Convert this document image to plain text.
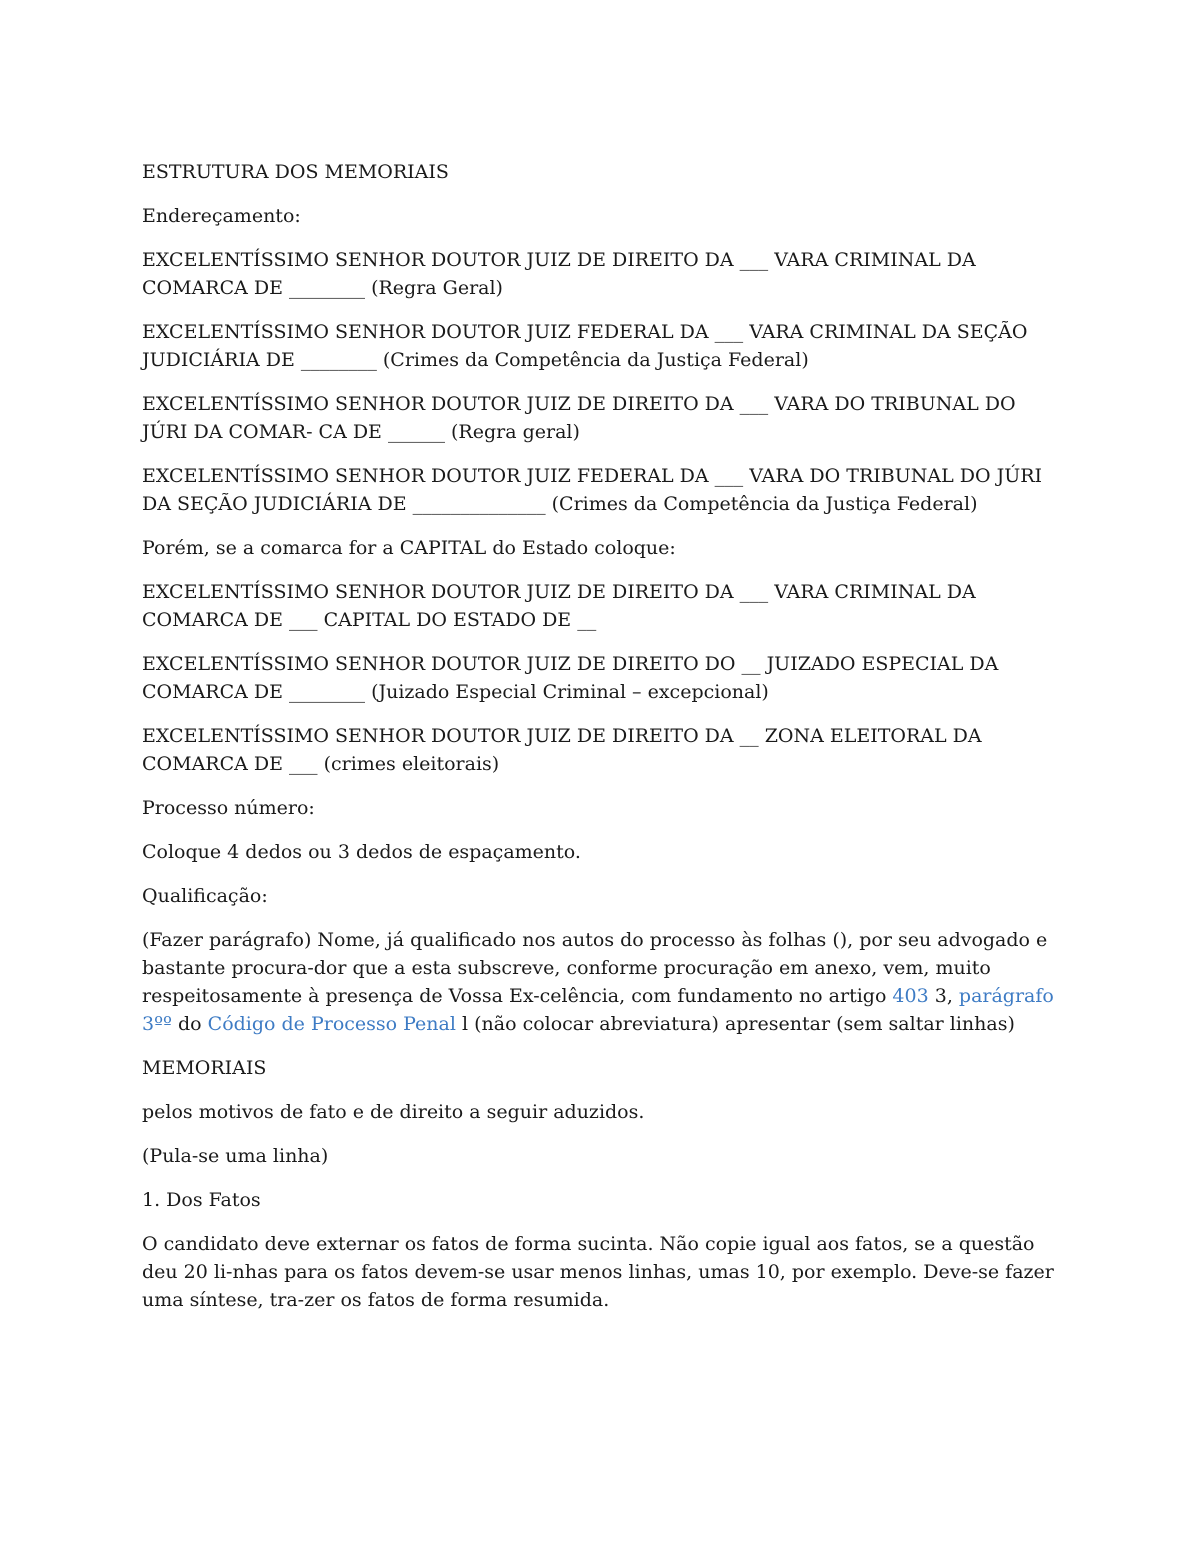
ESTRUTURA DOS MEMORIAIS

Endereçamento:

EXCELENTÍSSIMO SENHOR DOUTOR JUIZ DE DIREITO DA ___ VARA CRIMINAL DA COMARCA DE ________ (Regra Geral)

EXCELENTÍSSIMO SENHOR DOUTOR JUIZ FEDERAL DA ___ VARA CRIMINAL DA SEÇÃO JUDICIÁRIA DE ________ (Crimes da Competência da Justiça Federal)

EXCELENTÍSSIMO SENHOR DOUTOR JUIZ DE DIREITO DA ___ VARA DO TRIBUNAL DO JÚRI DA COMAR- CA DE ______ (Regra geral)

EXCELENTÍSSIMO SENHOR DOUTOR JUIZ FEDERAL DA ___ VARA DO TRIBUNAL DO JÚRI DA SEÇÃO JUDICIÁRIA DE ______________ (Crimes da Competência da Justiça Federal)

Porém, se a comarca for a CAPITAL do Estado coloque:

EXCELENTÍSSIMO SENHOR DOUTOR JUIZ DE DIREITO DA ___ VARA CRIMINAL DA COMARCA DE ___ CAPITAL DO ESTADO DE __

EXCELENTÍSSIMO SENHOR DOUTOR JUIZ DE DIREITO DO __ JUIZADO ESPECIAL DA COMARCA DE ________ (Juizado Especial Criminal – excepcional)

EXCELENTÍSSIMO SENHOR DOUTOR JUIZ DE DIREITO DA __ ZONA ELEITORAL DA COMARCA DE ___ (crimes eleitorais)

Processo número:

Coloque 4 dedos ou 3 dedos de espaçamento.

Qualificação:

(Fazer parágrafo) Nome, já qualificado nos autos do processo às folhas (), por seu advogado e bastante procura-dor que a esta subscreve, conforme procuração em anexo, vem, muito respeitosamente à presença de Vossa Ex-celência, com fundamento no artigo 403 3, parágrafo 3ºº do Código de Processo Penal l (não colocar abreviatura) apresentar (sem saltar linhas)

MEMORIAIS

pelos motivos de fato e de direito a seguir aduzidos.

(Pula-se uma linha)

1. Dos Fatos

O candidato deve externar os fatos de forma sucinta. Não copie igual aos fatos, se a questão deu 20 li-nhas para os fatos devem-se usar menos linhas, umas 10, por exemplo. Deve-se fazer uma síntese, tra-zer os fatos de forma resumida.
